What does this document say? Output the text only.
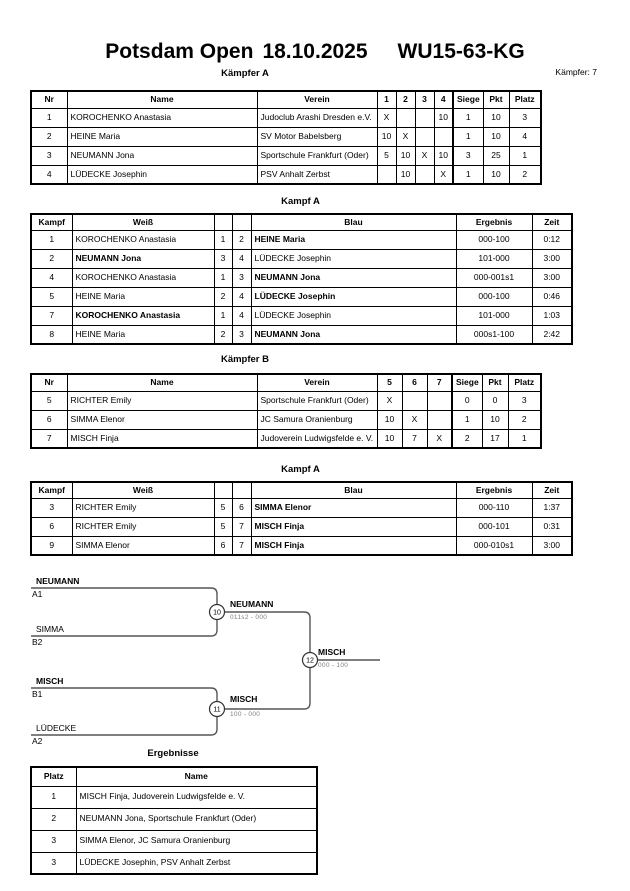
Potsdam Open 18.10.2025 WU15-63-KG
Kämpfer A	Kämpfer: 7
Nr	Name	Verein	1	2	3	4	Siege	Pkt	Platz
1	KOROCHENKO Anastasia	Judoclub Arashi Dresden e.V.	X			10	1	10	3
2	HEINE Maria	SV Motor Babelsberg	10	X			1	10	4
3	NEUMANN Jona	Sportschule Frankfurt (Oder)	5	10	X	10	3	25	1
4	LÜDECKE Josephin	PSV Anhalt Zerbst		10		X	1	10	2
Kampf A
Kampf	Weiß			Blau	Ergebnis	Zeit
1	KOROCHENKO Anastasia	1	2	HEINE Maria	000-100	0:12
2	NEUMANN Jona	3	4	LÜDECKE Josephin	101-000	3:00
4	KOROCHENKO Anastasia	1	3	NEUMANN Jona	000-001s1	3:00
5	HEINE Maria	2	4	LÜDECKE Josephin	000-100	0:46
7	KOROCHENKO Anastasia	1	4	LÜDECKE Josephin	101-000	1:03
8	HEINE Maria	2	3	NEUMANN Jona	000s1-100	2:42
Kämpfer B
Nr	Name	Verein	5	6	7	Siege	Pkt	Platz
5	RICHTER Emily	Sportschule Frankfurt (Oder)	X			0	0	3
6	SIMMA Elenor	JC Samura Oranienburg	10	X		1	10	2
7	MISCH Finja	Judoverein Ludwigsfelde e. V.	10	7	X	2	17	1
Kampf A
Kampf	Weiß			Blau	Ergebnis	Zeit
3	RICHTER Emily	5	6	SIMMA Elenor	000-110	1:37
6	RICHTER Emily	5	7	MISCH Finja	000-101	0:31
9	SIMMA Elenor	6	7	MISCH Finja	000-010s1	3:00
10
11
12
NEUMANN
A1
SIMMA
B2
MISCH
B1
LÜDECKE
A2
NEUMANN
011s2 - 000
MISCH
100 - 000
MISCH
000 - 100
Ergebnisse
Platz	Name
1	MISCH Finja, Judoverein Ludwigsfelde e. V.
2	NEUMANN Jona, Sportschule Frankfurt (Oder)
3	SIMMA Elenor, JC Samura Oranienburg
3	LÜDECKE Josephin, PSV Anhalt Zerbst
